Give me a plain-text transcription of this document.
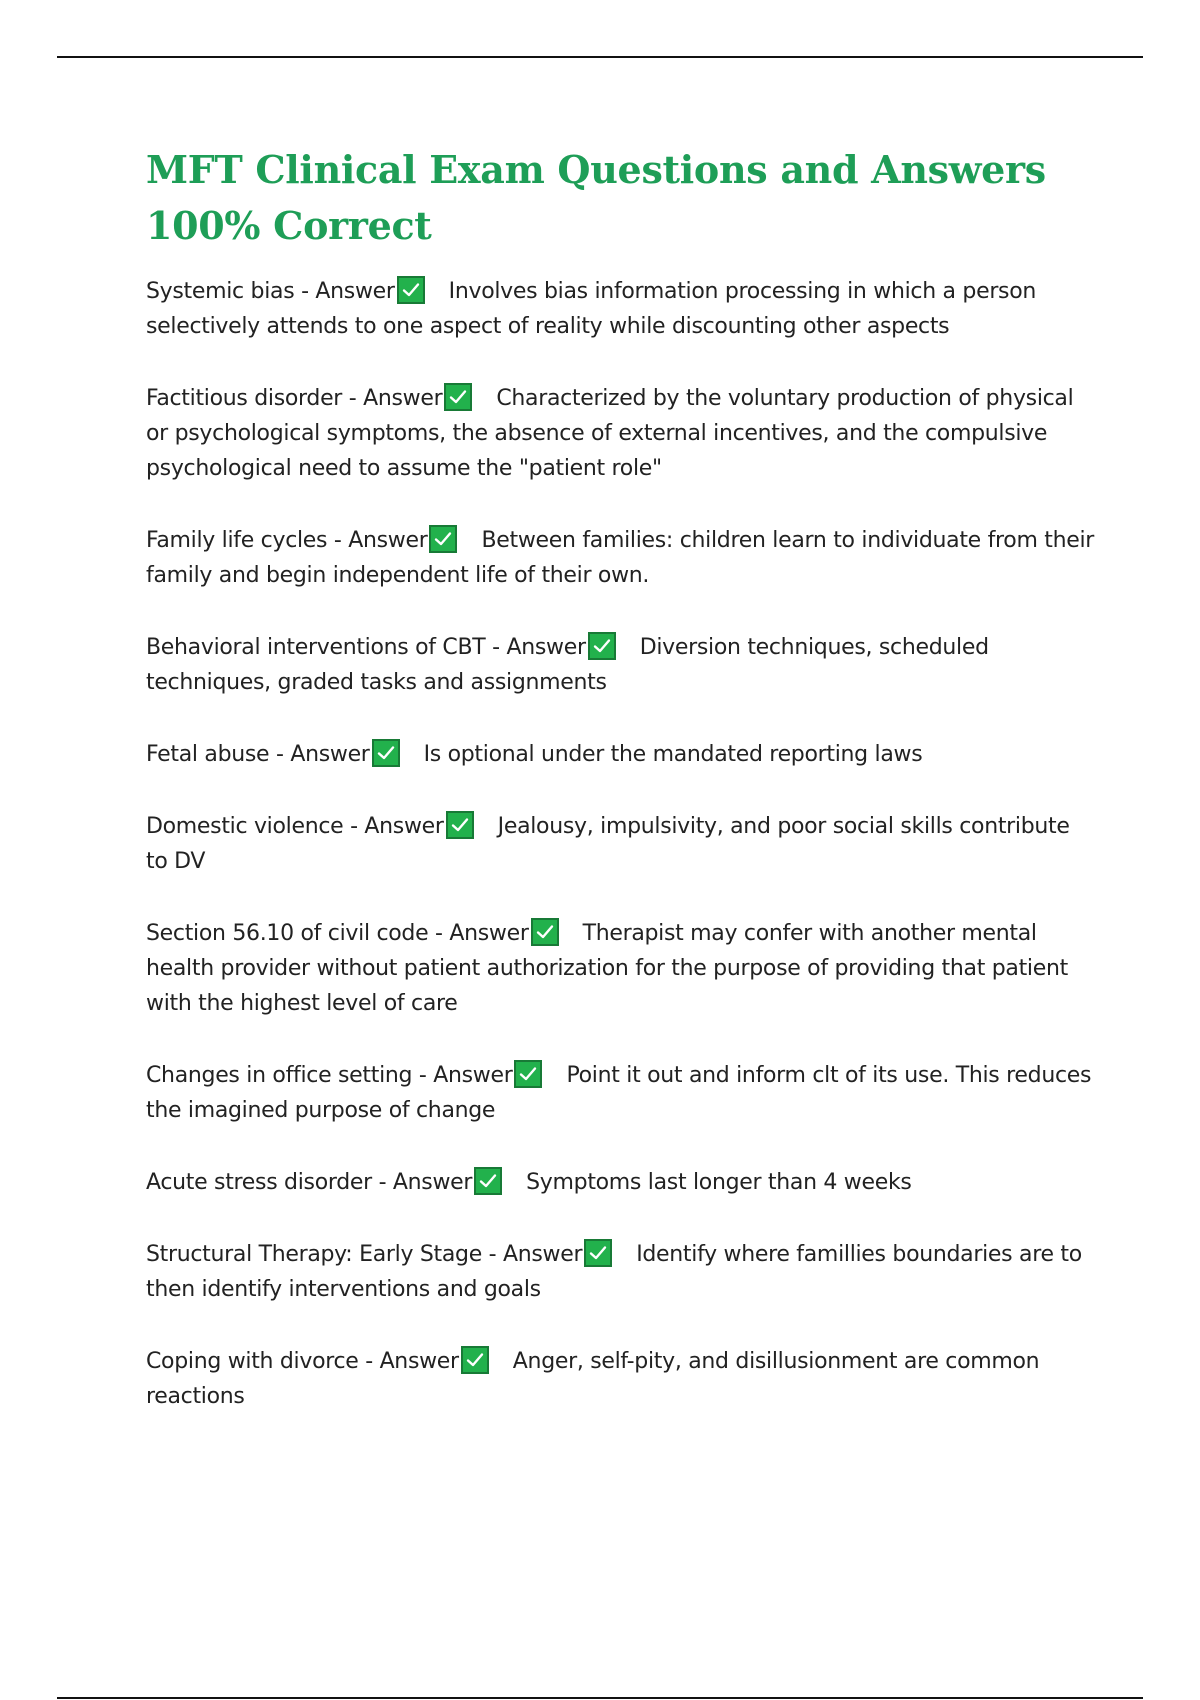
MFT Clinical Exam Questions and Answers
100% Correct

Systemic bias - Answer Involves bias information processing in which a person selectively attends to one aspect of reality while discounting other aspects

Factitious disorder - Answer Characterized by the voluntary production of physical or psychological symptoms, the absence of external incentives, and the compulsive psychological need to assume the "patient role"

Family life cycles - Answer Between families: children learn to individuate from their family and begin independent life of their own.

Behavioral interventions of CBT - Answer Diversion techniques, scheduled techniques, graded tasks and assignments

Fetal abuse - Answer Is optional under the mandated reporting laws

Domestic violence - Answer Jealousy, impulsivity, and poor social skills contribute to DV

Section 56.10 of civil code - Answer Therapist may confer with another mental health provider without patient authorization for the purpose of providing that patient with the highest level of care

Changes in office setting - Answer Point it out and inform clt of its use. This reduces the imagined purpose of change

Acute stress disorder - Answer Symptoms last longer than 4 weeks

Structural Therapy: Early Stage - Answer Identify where famillies boundaries are to then identify interventions and goals

Coping with divorce - Answer Anger, self-pity, and disillusionment are common reactions
